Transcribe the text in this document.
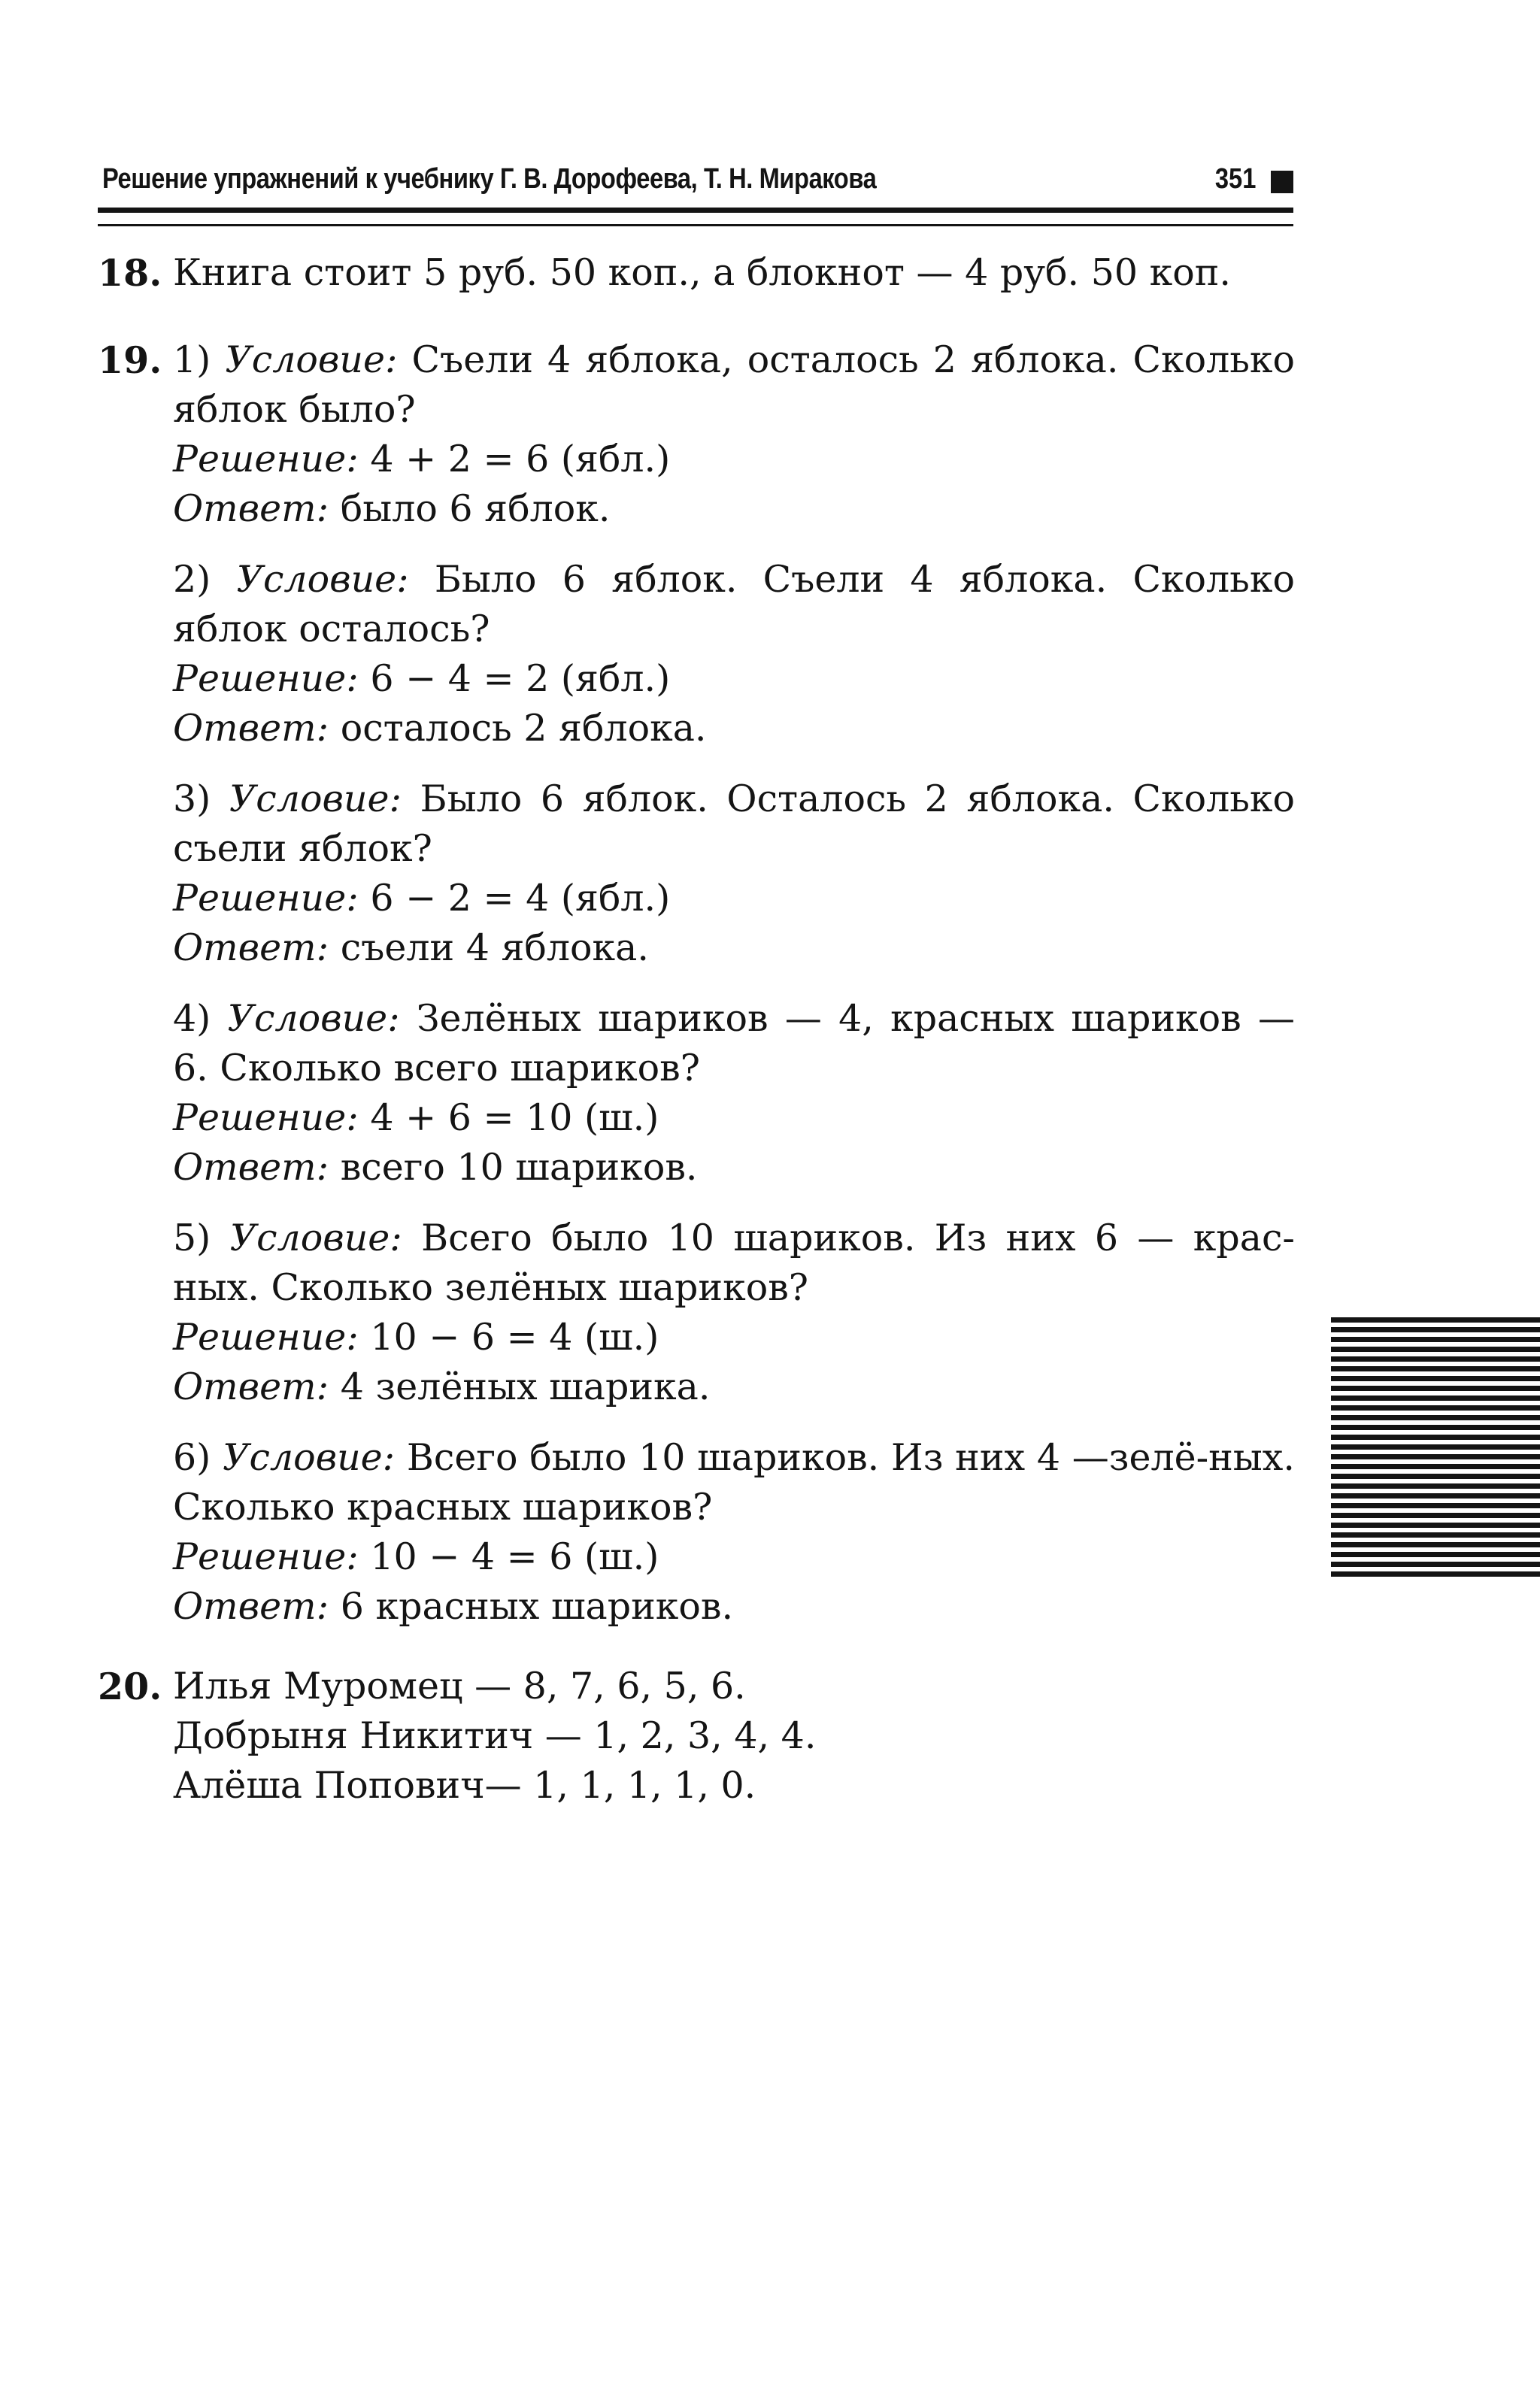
Решение упражнений к учебнику Г. В. Дорофеева, Т. Н. Миракова	351
18. Книга стоит 5 руб. 50 коп., а блокнот — 4 руб. 50 коп.
19. 1) Условие: Съели 4 яблока, осталось 2 яблока. Сколько яблок было?
Решение: 4 + 2 = 6 (ябл.)
Ответ: было 6 яблок.
2) Условие: Было 6 яблок. Съели 4 яблока. Сколько яблок осталось?
Решение: 6 − 4 = 2 (ябл.)
Ответ: осталось 2 яблока.
3) Условие: Было 6 яблок. Осталось 2 яблока. Сколько съели яблок?
Решение: 6 − 2 = 4 (ябл.)
Ответ: съели 4 яблока.
4) Условие: Зелёных шариков — 4, красных шариков — 6. Сколько всего шариков?
Решение: 4 + 6 = 10 (ш.)
Ответ: всего 10 шариков.
5) Условие: Всего было 10 шариков. Из них 6 — крас-ных. Сколько зелёных шариков?
Решение: 10 − 6 = 4 (ш.)
Ответ: 4 зелёных шарика.
6) Условие: Всего было 10 шариков. Из них 4 —зелё-ных. Сколько красных шариков?
Решение: 10 − 4 = 6 (ш.)
Ответ: 6 красных шариков.
20. Илья Муромец — 8, 7, 6, 5, 6.
Добрыня Никитич — 1, 2, 3, 4, 4.
Алёша Попович— 1, 1, 1, 1, 0.
